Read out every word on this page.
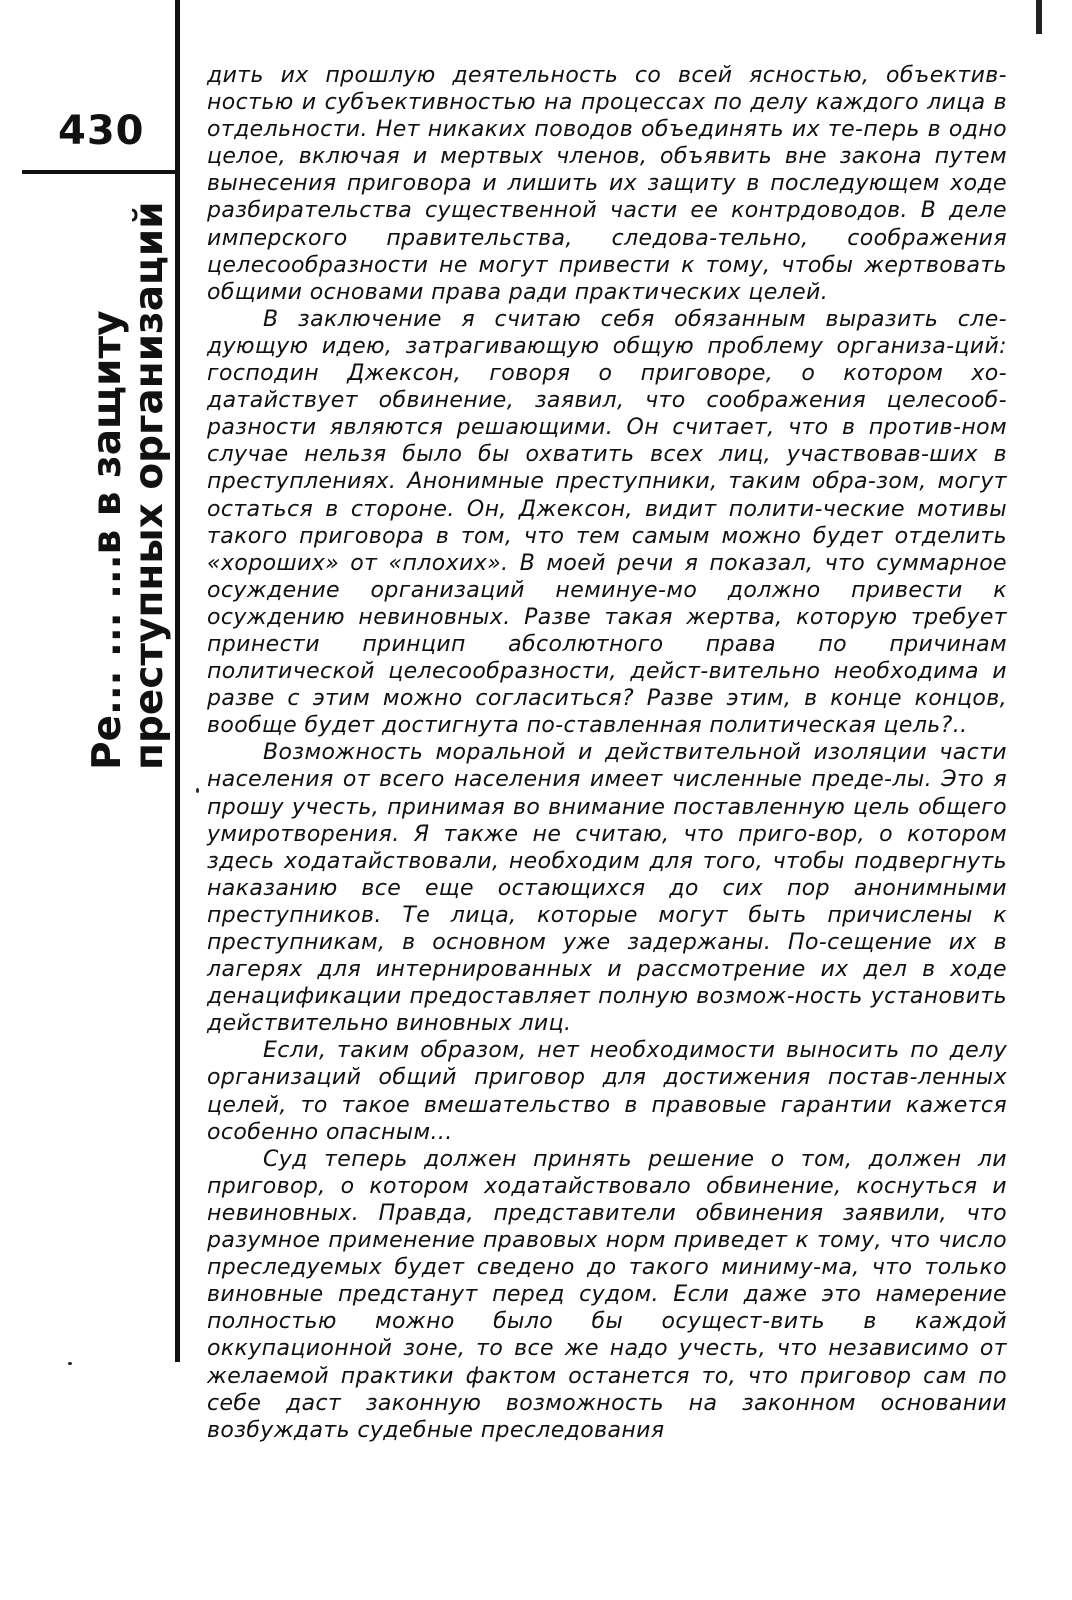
430
Ре... ... ...в в защиту
преступных организаций

дить их прошлую деятельность со всей ясностью, объектив-ностью и субъективностью на процессах по делу каждого лица в отдельности. Нет никаких поводов объединять их те-перь в одно целое, включая и мертвых членов, объявить вне закона путем вынесения приговора и лишить их защиту в последующем ходе разбирательства существенной части ее контрдоводов. В деле имперского правительства, следова-тельно, соображения целесообразности не могут привести к тому, чтобы жертвовать общими основами права ради практических целей.

В заключение я считаю себя обязанным выразить сле-дующую идею, затрагивающую общую проблему организа-ций: господин Джексон, говоря о приговоре, о котором хо-датайствует обвинение, заявил, что соображения целесооб-разности являются решающими. Он считает, что в против-ном случае нельзя было бы охватить всех лиц, участвовав-ших в преступлениях. Анонимные преступники, таким обра-зом, могут остаться в стороне. Он, Джексон, видит полити-ческие мотивы такого приговора в том, что тем самым можно будет отделить «хороших» от «плохих». В моей речи я показал, что суммарное осуждение организаций неминуе-мо должно привести к осуждению невиновных. Разве такая жертва, которую требует принести принцип абсолютного права по причинам политической целесообразности, дейст-вительно необходима и разве с этим можно согласиться? Разве этим, в конце концов, вообще будет достигнута по-ставленная политическая цель?..

Возможность моральной и действительной изоляции части населения от всего населения имеет численные преде-лы. Это я прошу учесть, принимая во внимание поставленную цель общего умиротворения. Я также не считаю, что приго-вор, о котором здесь ходатайствовали, необходим для того, чтобы подвергнуть наказанию все еще остающихся до сих пор анонимными преступников. Те лица, которые могут быть причислены к преступникам, в основном уже задержаны. По-сещение их в лагерях для интернированных и рассмотрение их дел в ходе денацификации предоставляет полную возмож-ность установить действительно виновных лиц.

Если, таким образом, нет необходимости выносить по делу организаций общий приговор для достижения постав-ленных целей, то такое вмешательство в правовые гарантии кажется особенно опасным...

Суд теперь должен принять решение о том, должен ли приговор, о котором ходатайствовало обвинение, коснуться и невиновных. Правда, представители обвинения заявили, что разумное применение правовых норм приведет к тому, что число преследуемых будет сведено до такого миниму-ма, что только виновные предстанут перед судом. Если даже это намерение полностью можно было бы осущест-вить в каждой оккупационной зоне, то все же надо учесть, что независимо от желаемой практики фактом останется то, что приговор сам по себе даст законную возможность на законном основании возбуждать судебные преследования
